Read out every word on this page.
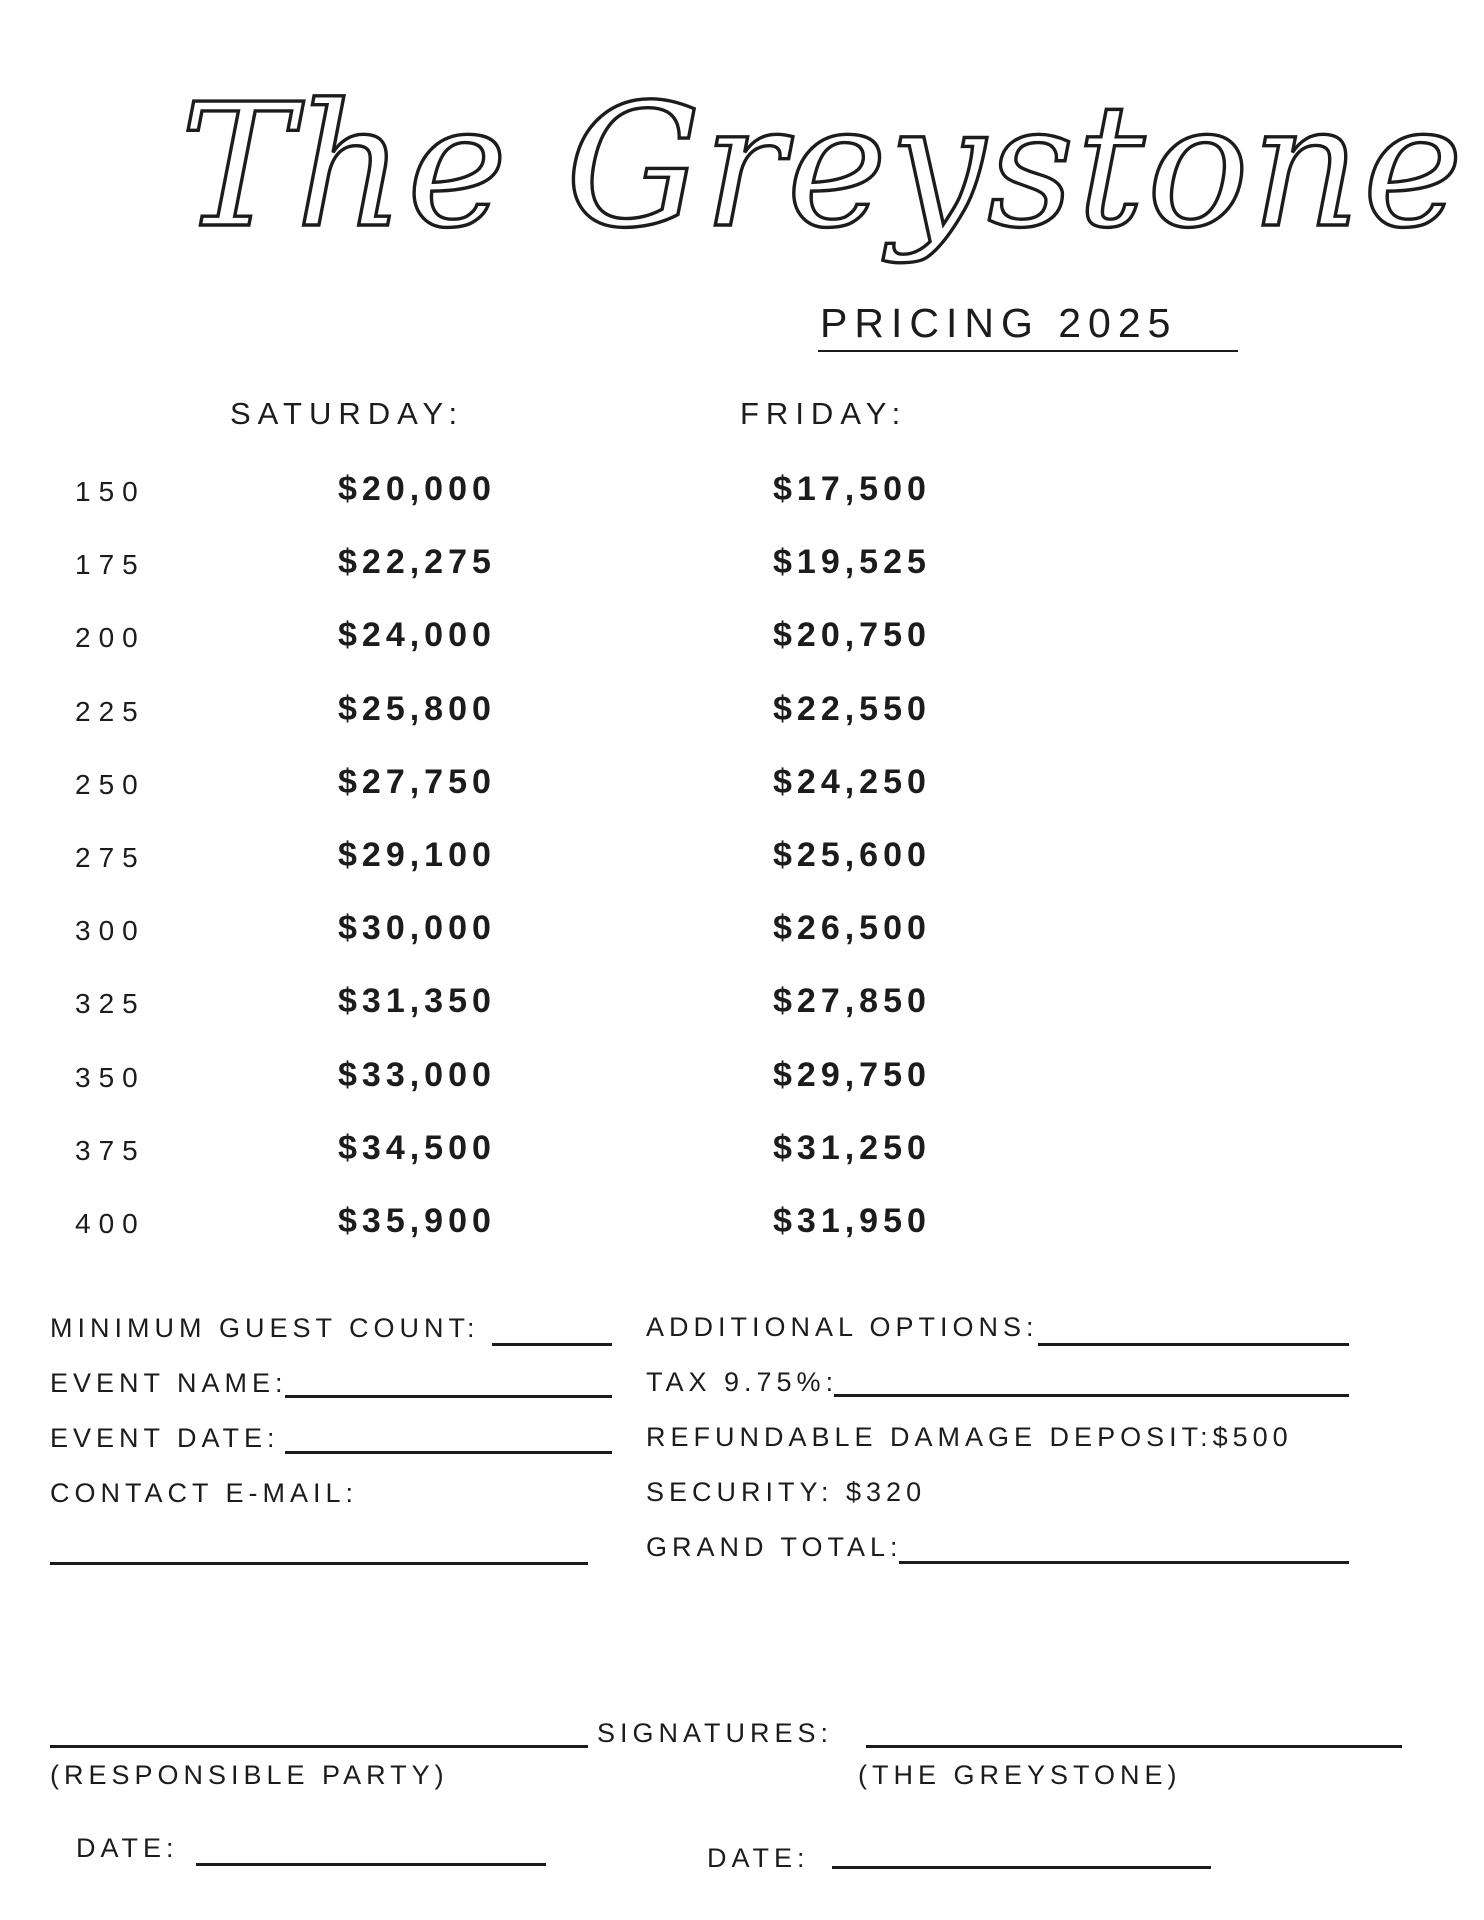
The Greystone
PRICING 2025
SATURDAY:	FRIDAY:
150	$20,000	$17,500
175	$22,275	$19,525
200	$24,000	$20,750
225	$25,800	$22,550
250	$27,750	$24,250
275	$29,100	$25,600
300	$30,000	$26,500
325	$31,350	$27,850
350	$33,000	$29,750
375	$34,500	$31,250
400	$35,900	$31,950
MINIMUM GUEST COUNT:
EVENT NAME:
EVENT DATE:
CONTACT E-MAIL:
ADDITIONAL OPTIONS:
TAX 9.75%:
REFUNDABLE DAMAGE DEPOSIT:$500
SECURITY: $320
GRAND TOTAL:
SIGNATURES:
(RESPONSIBLE PARTY)	(THE GREYSTONE)
DATE:	DATE:
